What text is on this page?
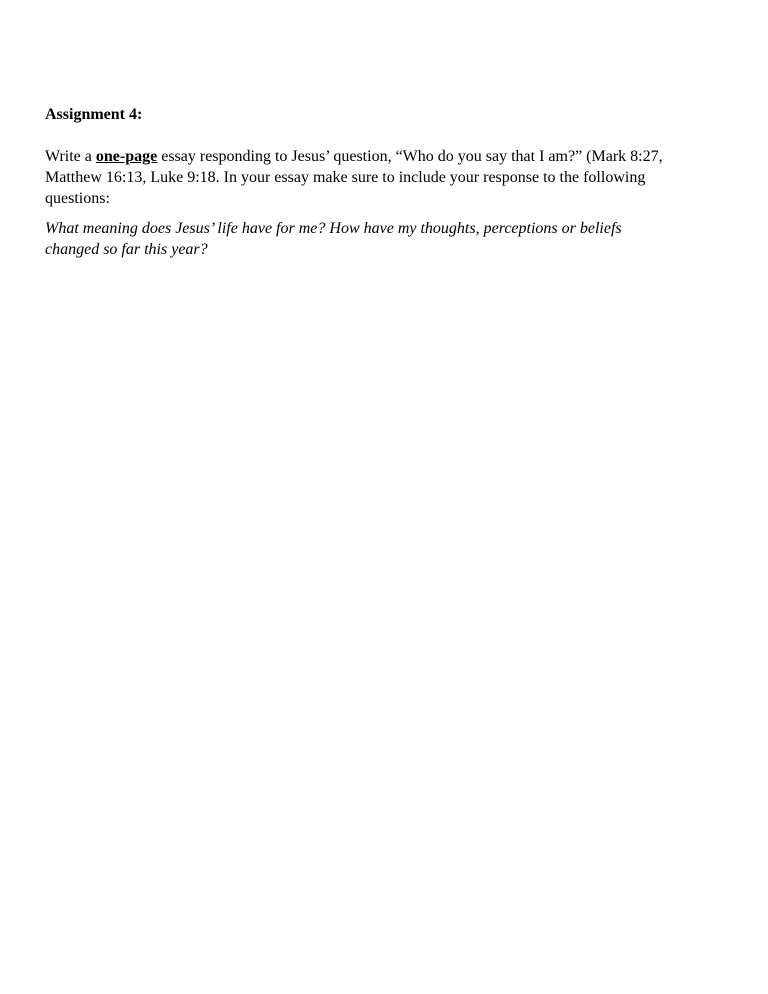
Assignment 4:

Write a one-page essay responding to Jesus’ question, “Who do you say that I am?” (Mark 8:27,
Matthew 16:13, Luke 9:18. In your essay make sure to include your response to the following
questions:

What meaning does Jesus’ life have for me? How have my thoughts, perceptions or beliefs
changed so far this year?
